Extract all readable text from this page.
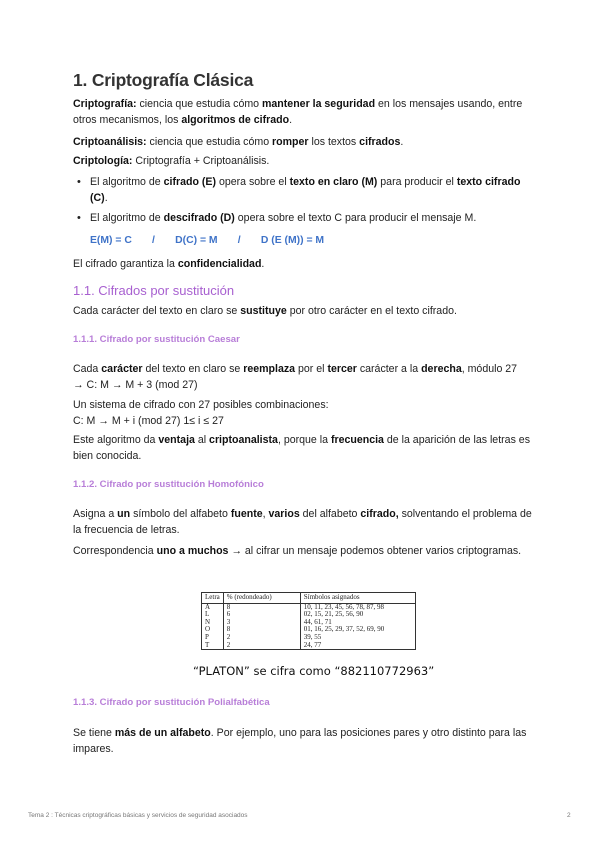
1. Criptografía Clásica

Criptografía: ciencia que estudia cómo mantener la seguridad en los mensajes usando, entre otros mecanismos, los algoritmos de cifrado.

Criptoanálisis: ciencia que estudia cómo romper los textos cifrados.

Criptología: Criptografía + Criptoanálisis.

• El algoritmo de cifrado (E) opera sobre el texto en claro (M) para producir el texto cifrado (C).
• El algoritmo de descifrado (D) opera sobre el texto C para producir el mensaje M.
E(M) = C       /       D(C) = M       /       D (E (M)) = M

El cifrado garantiza la confidencialidad.

1.1. Cifrados por sustitución

Cada carácter del texto en claro se sustituye por otro carácter en el texto cifrado.

1.1.1. Cifrado por sustitución Caesar

Cada carácter del texto en claro se reemplaza por el tercer carácter a la derecha, módulo 27
→ C: M → M + 3 (mod 27)

Un sistema de cifrado con 27 posibles combinaciones:
C: M → M + i (mod 27) 1≤ i ≤ 27

Este algoritmo da ventaja al criptoanalista, porque la frecuencia de la aparición de las letras es bien conocida.

1.1.2. Cifrado por sustitución Homofónico

Asigna a un símbolo del alfabeto fuente, varios del alfabeto cifrado, solventando el problema de la frecuencia de letras.

Correspondencia uno a muchos → al cifrar un mensaje podemos obtener varios criptogramas.

Letra	% (redondeado)	Símbolos asignados
A	8	10, 11, 23, 45, 56, 78, 87, 98
L	6	02, 15, 21, 25, 56, 90
N	3	44, 61, 71
O	8	01, 16, 25, 29, 37, 52, 69, 90
P	2	39, 55
T	2	24, 77
“PLATON” se cifra como “882110772963”
1.1.3. Cifrado por sustitución Polialfabética

Se tiene más de un alfabeto. Por ejemplo, uno para las posiciones pares y otro distinto para las impares.

Tema 2 : Técnicas criptográficas básicas y servicios de seguridad asociados	2
